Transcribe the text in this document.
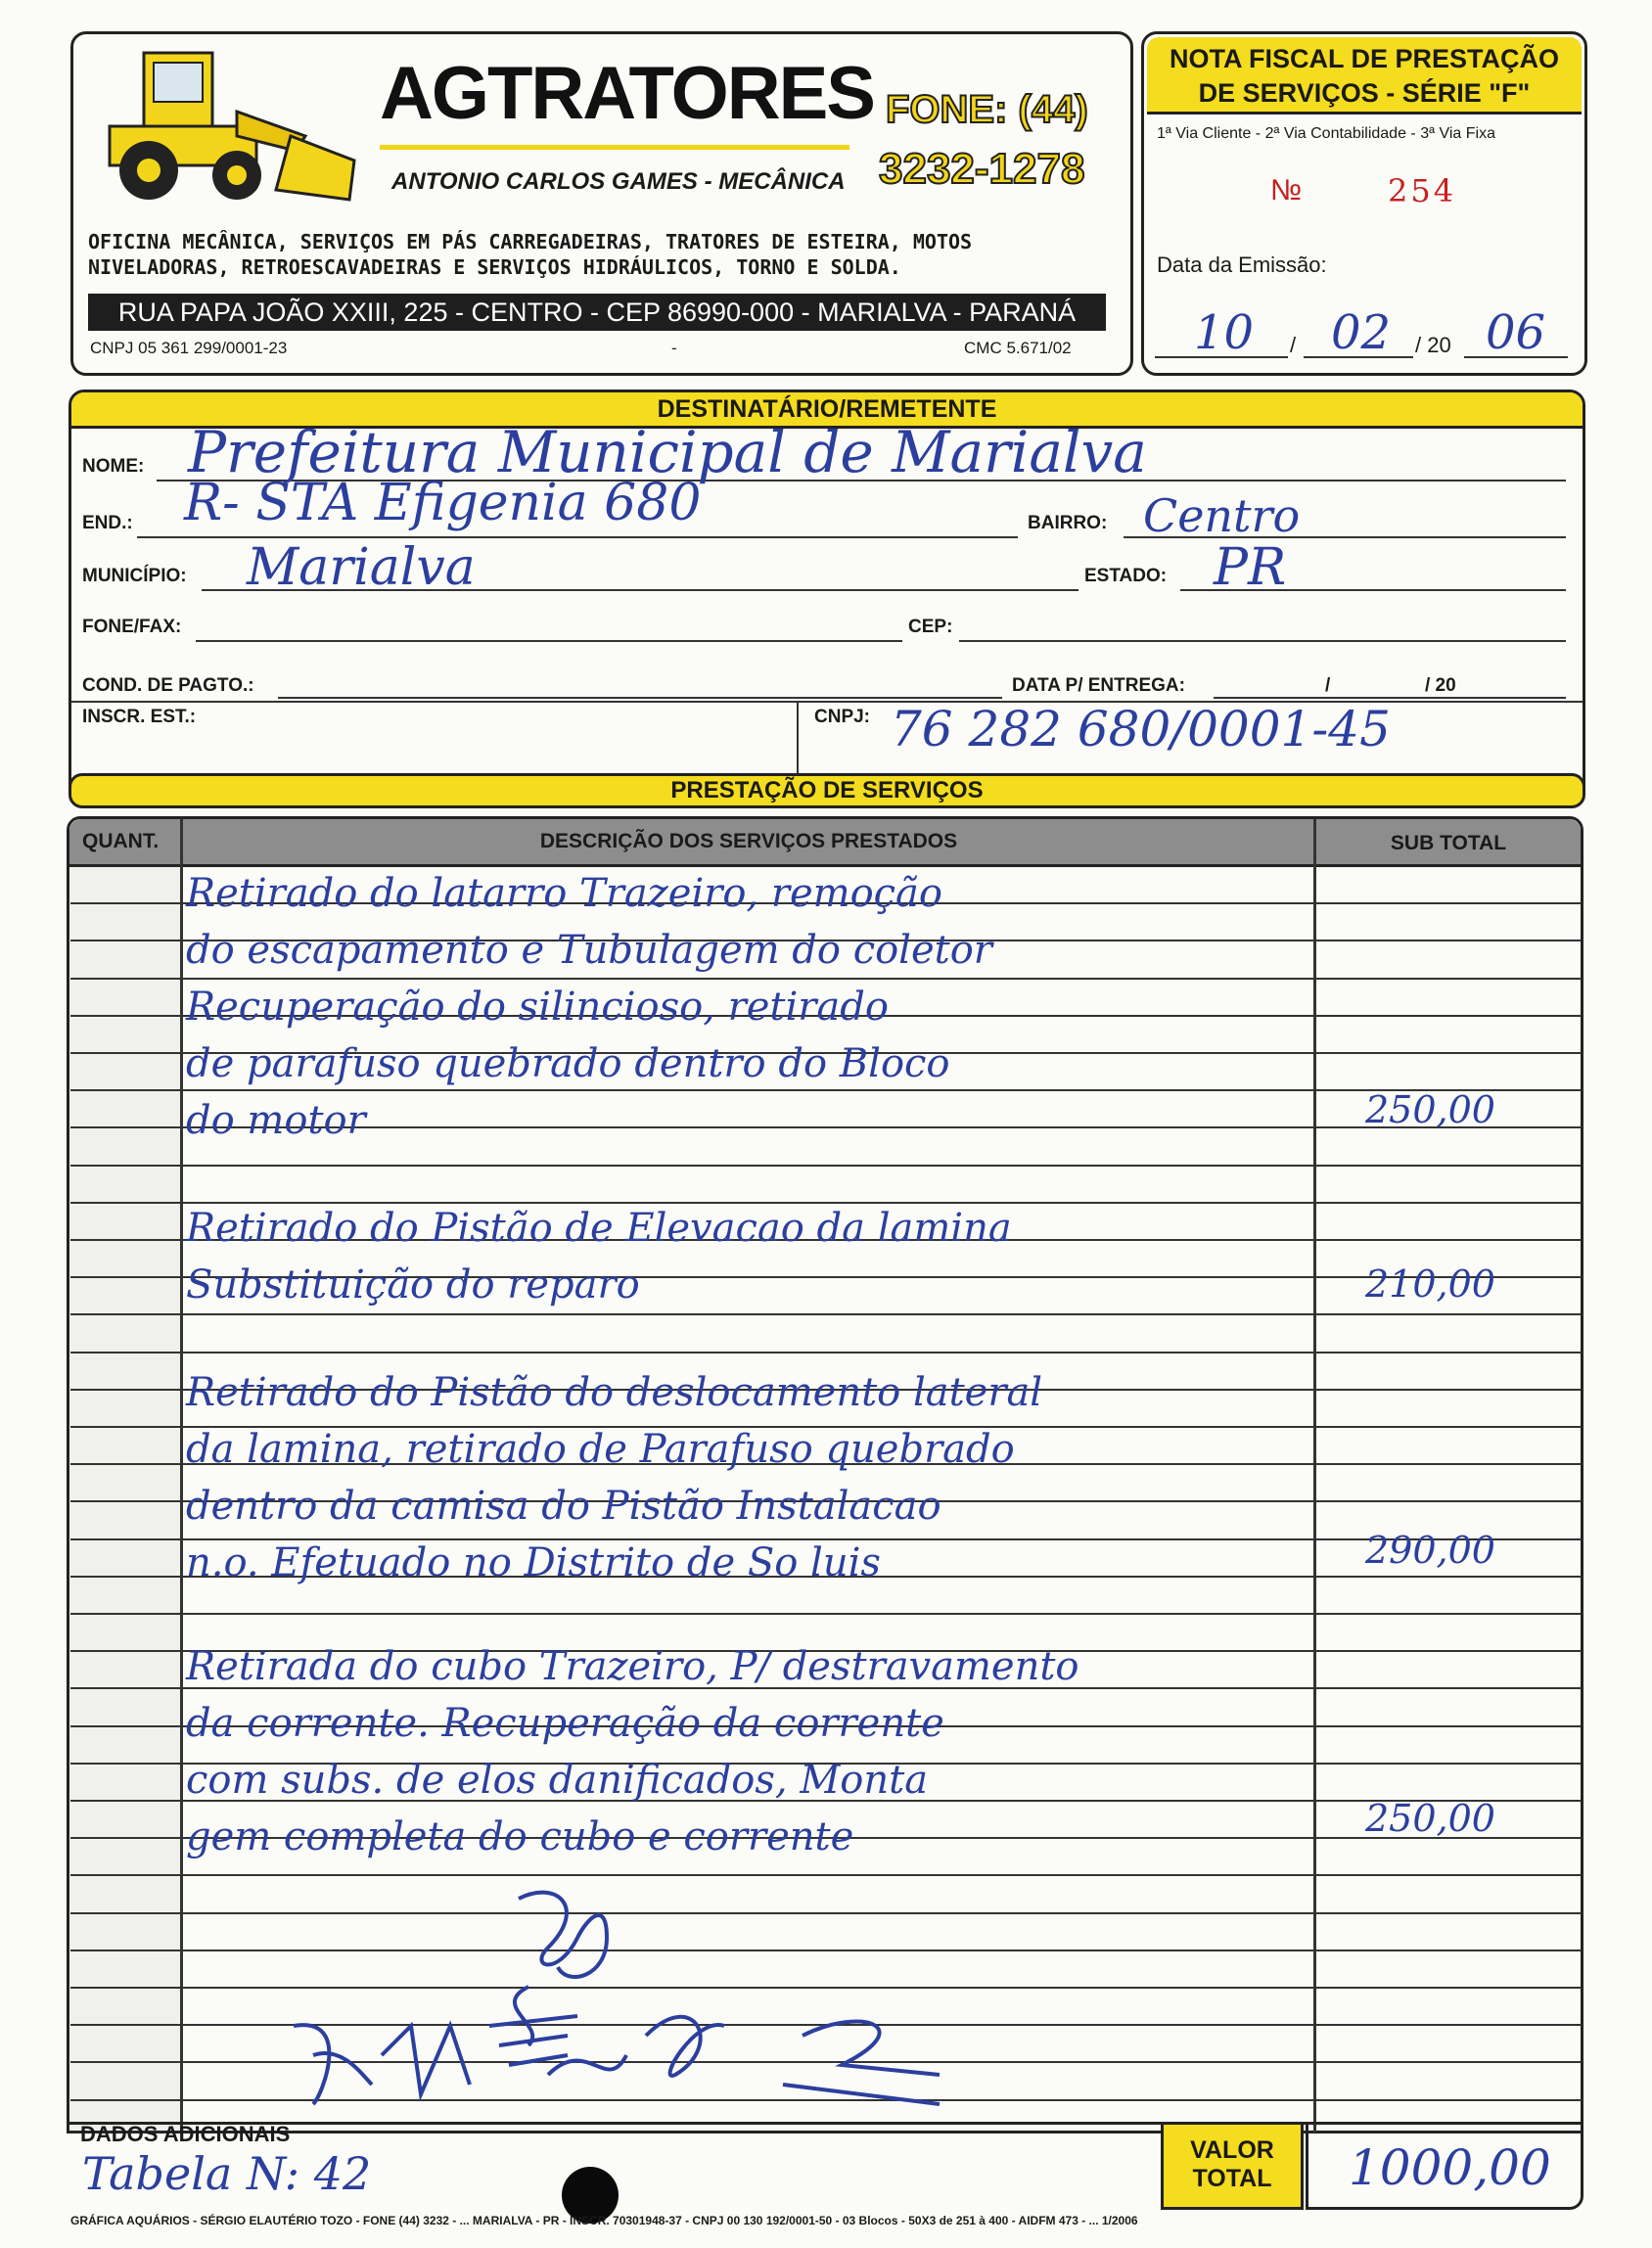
AGTRATORES FONE: (44)
ANTONIO CARLOS GAMES - MECÂNICA 3232-1278
OFICINA MECÂNICA, SERVIÇOS EM PÁS CARREGADEIRAS, TRATORES DE ESTEIRA, MOTOS NIVELADORAS, RETROESCAVADEIRAS E SERVIÇOS HIDRÁULICOS, TORNO E SOLDA.
RUA PAPA JOÃO XXIII, 225 - CENTRO - CEP 86990-000 - MARIALVA - PARANÁ
CNPJ 05 361 299/0001-23	-	CMC 5.671/02
NOTA FISCAL DE PRESTAÇÃO
DE SERVIÇOS - SÉRIE "F"
1ª Via Cliente - 2ª Via Contabilidade - 3ª Via Fixa
№	254
Data da Emissão:
10 / 02 / 20 06
DESTINATÁRIO/REMETENTE
NOME: Prefeitura Municipal de Marialva
END.: R- STA Efigenia 680	BAIRRO: Centro
MUNICÍPIO: Marialva	ESTADO: PR
FONE/FAX:	CEP:
COND. DE PAGTO.:	DATA P/ ENTREGA:	/	/ 20
INSCR. EST.:	CNPJ: 76 282 680/0001-45
PRESTAÇÃO DE SERVIÇOS
QUANT.	DESCRIÇÃO DOS SERVIÇOS PRESTADOS	SUB TOTAL
Retirado do latarro Trazeiro, remoção
do escapamento e Tubulagem do coletor
Recuperação do silincioso, retirado
de parafuso quebrado dentro do Bloco
do motor	250,00
Retirado do Pistão de Elevacao da lamina
Substituição do reparo	210,00
Retirado do Pistão do deslocamento lateral
da lamina, retirado de Parafuso quebrado
dentro da camisa do Pistão Instalacao
n.o. Efetuado no Distrito de So luis	290,00
Retirada do cubo Trazeiro, P/ destravamento
da corrente. Recuperação da corrente
com subs. de elos danificados, Monta
gem completa do cubo e corrente	250,00
DADOS ADICIONAIS
Tabela N: 42	VALOR
TOTAL	1000,00
GRÁFICA AQUÁRIOS - SÉRGIO ELAUTÉRIO TOZO - FONE (44) 3232 - ... MARIALVA - PR - INSCR. 70301948-37 - CNPJ 00 130 192/0001-50 - 03 Blocos - 50X3 de 251 à 400 - AIDFM 473 - ... 1/2006
